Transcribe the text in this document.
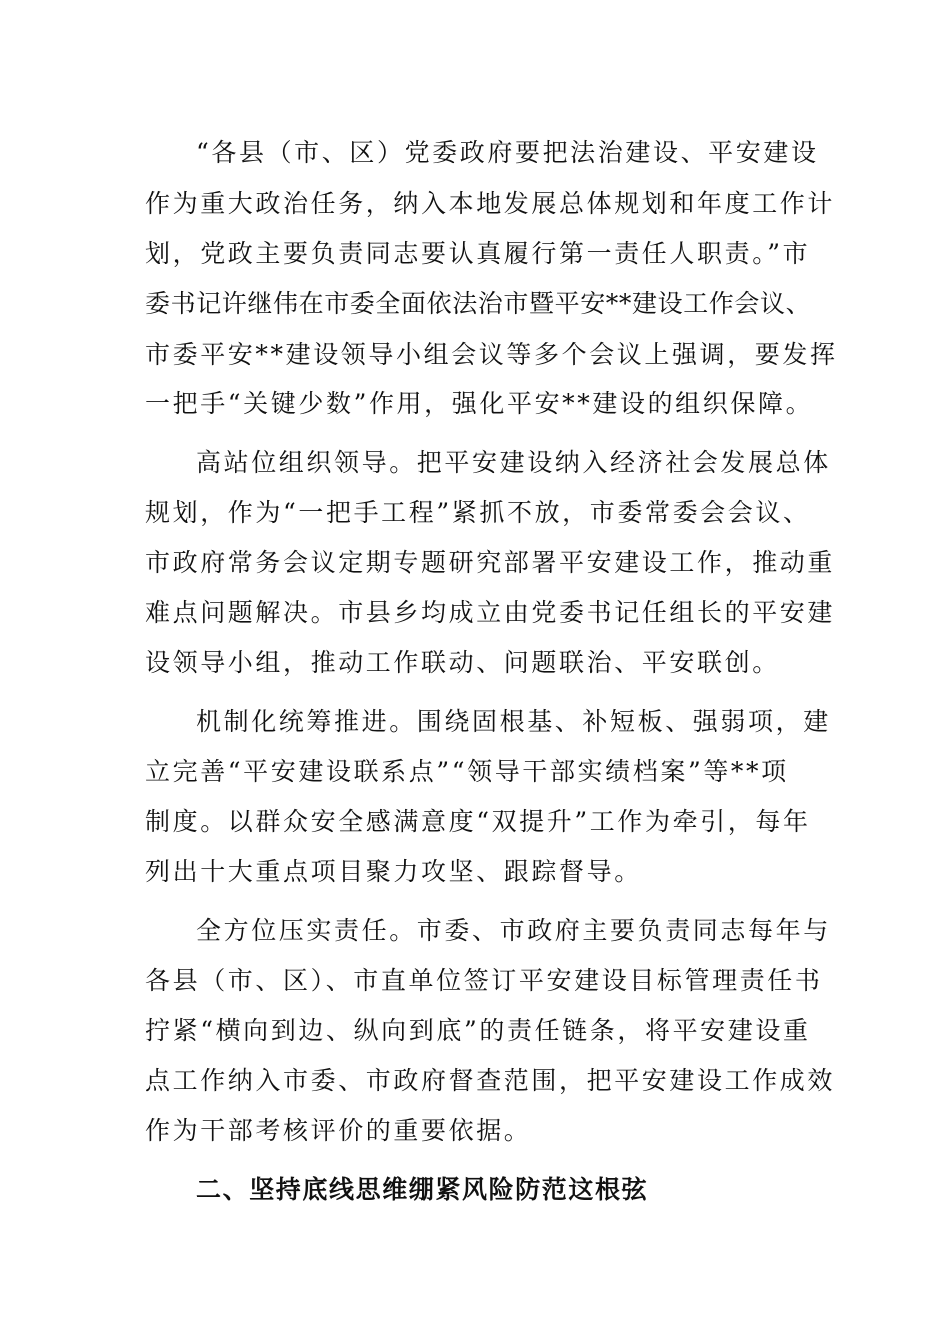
“各县（市、区）党委政府要把法治建设、平安建设
作为重大政治任务，纳入本地发展总体规划和年度工作计
划，党政主要负责同志要认真履行第一责任人职责。”市
委书记许继伟在市委全面依法治市暨平安**建设工作会议、
市委平安**建设领导小组会议等多个会议上强调，要发挥
一把手“关键少数”作用，强化平安**建设的组织保障。
高站位组织领导。把平安建设纳入经济社会发展总体
规划，作为“一把手工程”紧抓不放，市委常委会会议、
市政府常务会议定期专题研究部署平安建设工作，推动重
难点问题解决。市县乡均成立由党委书记任组长的平安建
设领导小组，推动工作联动、问题联治、平安联创。
机制化统筹推进。围绕固根基、补短板、强弱项，建
立完善“平安建设联系点”“领导干部实绩档案”等**项
制度。以群众安全感满意度“双提升”工作为牵引，每年
列出十大重点项目聚力攻坚、跟踪督导。
全方位压实责任。市委、市政府主要负责同志每年与
各县（市、区）、市直单位签订平安建设目标管理责任书
拧紧“横向到边、纵向到底”的责任链条，将平安建设重
点工作纳入市委、市政府督查范围，把平安建设工作成效
作为干部考核评价的重要依据。
二、坚持底线思维绷紧风险防范这根弦
